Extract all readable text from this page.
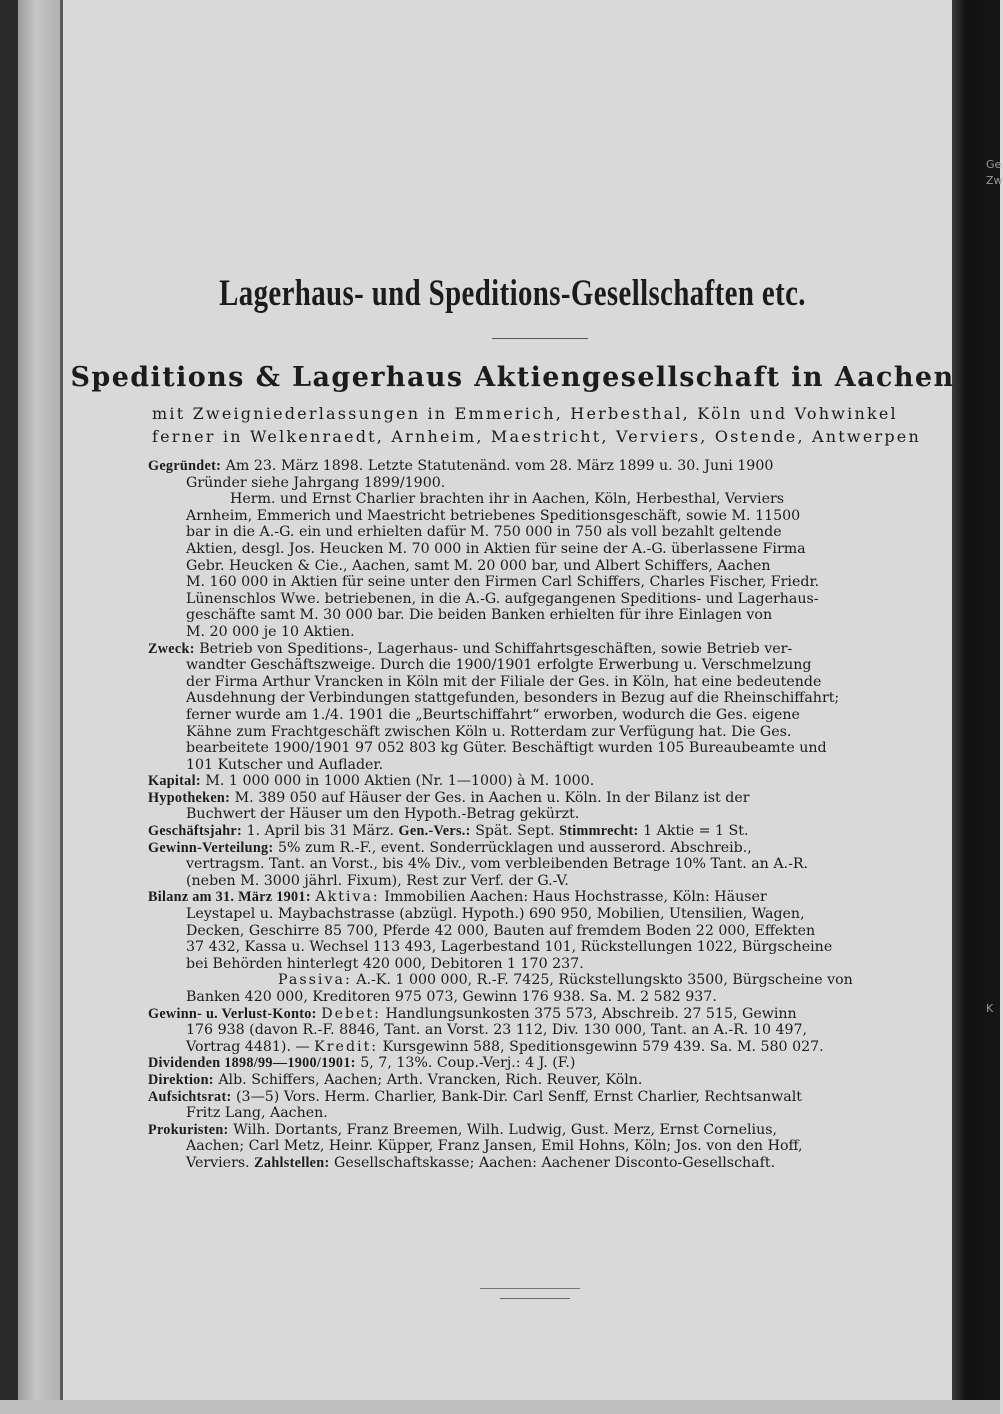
Ge
Zw
K
Lagerhaus- und Speditions-Gesellschaften etc.
Speditions & Lagerhaus Aktiengesellschaft in Aachen
mit Zweigniederlassungen in Emmerich, Herbesthal, Köln und Vohwinkel
ferner in Welkenraedt, Arnheim, Maestricht, Verviers, Ostende, Antwerpen

Gegründet: Am 23. März 1898. Letzte Statutenänd. vom 28. März 1899 u. 30. Juni 1900

Gründer siehe Jahrgang 1899/1900.

Herm. und Ernst Charlier brachten ihr in Aachen, Köln, Herbesthal, Verviers

Arnheim, Emmerich und Maestricht betriebenes Speditionsgeschäft, sowie M. 11500

bar in die A.-G. ein und erhielten dafür M. 750 000 in 750 als voll bezahlt geltende

Aktien, desgl. Jos. Heucken M. 70 000 in Aktien für seine der A.-G. überlassene Firma

Gebr. Heucken & Cie., Aachen, samt M. 20 000 bar, und Albert Schiffers, Aachen

M. 160 000 in Aktien für seine unter den Firmen Carl Schiffers, Charles Fischer, Friedr.

Lünenschlos Wwe. betriebenen, in die A.-G. aufgegangenen Speditions- und Lagerhaus-

geschäfte samt M. 30 000 bar. Die beiden Banken erhielten für ihre Einlagen von

M. 20 000 je 10 Aktien.

Zweck: Betrieb von Speditions-, Lagerhaus- und Schiffahrtsgeschäften, sowie Betrieb ver-

wandter Geschäftszweige. Durch die 1900/1901 erfolgte Erwerbung u. Verschmelzung

der Firma Arthur Vrancken in Köln mit der Filiale der Ges. in Köln, hat eine bedeutende

Ausdehnung der Verbindungen stattgefunden, besonders in Bezug auf die Rheinschiffahrt;

ferner wurde am 1./4. 1901 die „Beurtschiffahrt“ erworben, wodurch die Ges. eigene

Kähne zum Frachtgeschäft zwischen Köln u. Rotterdam zur Verfügung hat. Die Ges.

bearbeitete 1900/1901 97 052 803 kg Güter. Beschäftigt wurden 105 Bureaubeamte und

101 Kutscher und Auflader.

Kapital: M. 1 000 000 in 1000 Aktien (Nr. 1—1000) à M. 1000.

Hypotheken: M. 389 050 auf Häuser der Ges. in Aachen u. Köln. In der Bilanz ist der

Buchwert der Häuser um den Hypoth.-Betrag gekürzt.

Geschäftsjahr: 1. April bis 31 März. Gen.-Vers.: Spät. Sept. Stimmrecht: 1 Aktie = 1 St.

Gewinn-Verteilung: 5% zum R.-F., event. Sonderrücklagen und ausserord. Abschreib.,

vertragsm. Tant. an Vorst., bis 4% Div., vom verbleibenden Betrage 10% Tant. an A.-R.

(neben M. 3000 jährl. Fixum), Rest zur Verf. der G.-V.

Bilanz am 31. März 1901: Aktiva: Immobilien Aachen: Haus Hochstrasse, Köln: Häuser

Leystapel u. Maybachstrasse (abzügl. Hypoth.) 690 950, Mobilien, Utensilien, Wagen,

Decken, Geschirre 85 700, Pferde 42 000, Bauten auf fremdem Boden 22 000, Effekten

37 432, Kassa u. Wechsel 113 493, Lagerbestand 101, Rückstellungen 1022, Bürgscheine

bei Behörden hinterlegt 420 000, Debitoren 1 170 237.

Passiva: A.-K. 1 000 000, R.-F. 7425, Rückstellungskto 3500, Bürgscheine von

Banken 420 000, Kreditoren 975 073, Gewinn 176 938. Sa. M. 2 582 937.

Gewinn- u. Verlust-Konto: Debet: Handlungsunkosten 375 573, Abschreib. 27 515, Gewinn

176 938 (davon R.-F. 8846, Tant. an Vorst. 23 112, Div. 130 000, Tant. an A.-R. 10 497,

Vortrag 4481). — Kredit: Kursgewinn 588, Speditionsgewinn 579 439. Sa. M. 580 027.

Dividenden 1898/99—1900/1901: 5, 7, 13%. Coup.-Verj.: 4 J. (F.)

Direktion: Alb. Schiffers, Aachen; Arth. Vrancken, Rich. Reuver, Köln.

Aufsichtsrat: (3—5) Vors. Herm. Charlier, Bank-Dir. Carl Senff, Ernst Charlier, Rechtsanwalt

Fritz Lang, Aachen.

Prokuristen: Wilh. Dortants, Franz Breemen, Wilh. Ludwig, Gust. Merz, Ernst Cornelius,

Aachen; Carl Metz, Heinr. Küpper, Franz Jansen, Emil Hohns, Köln; Jos. von den Hoff,

Verviers. Zahlstellen: Gesellschaftskasse; Aachen: Aachener Disconto-Gesellschaft.
